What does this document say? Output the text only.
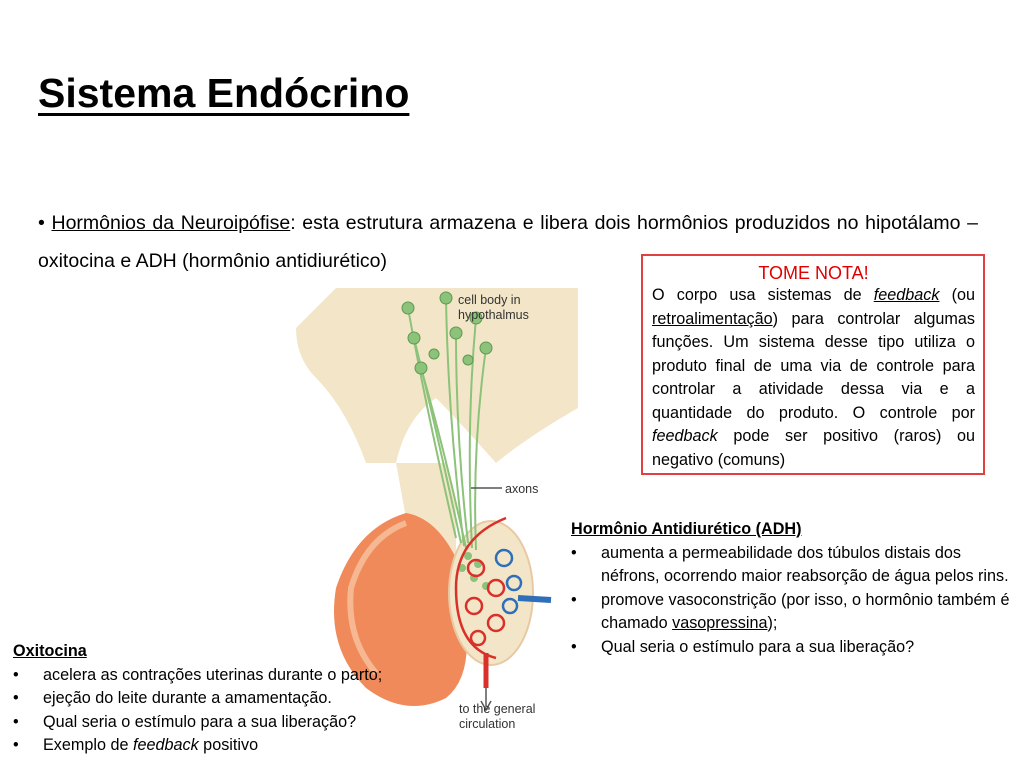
Sistema Endócrino
• Hormônios da Neuroipófise: esta estrutura armazena e libera dois hormônios produzidos no hipotálamo – oxitocina e ADH (hormônio antidiurético)
TOME NOTA!
O corpo usa sistemas de feedback (ou retroalimentação) para controlar algumas funções. Um sistema desse tipo utiliza o produto final de uma via de controle para controlar a atividade dessa via e a quantidade do produto. O controle por feedback pode ser positivo (raros) ou negativo (comuns)
cell body in
hypothalmus
axons
to the general
circulation
Hormônio Antidiurético (ADH)
• aumenta a permeabilidade dos túbulos distais dos néfrons, ocorrendo maior reabsorção de água pelos rins.
• promove vasoconstrição (por isso, o hormônio também é chamado vasopressina);
• Qual seria o estímulo para a sua liberação?
Oxitocina
• acelera as contrações uterinas durante o parto;
• ejeção do leite durante a amamentação.
• Qual seria o estímulo para a sua liberação?
• Exemplo de feedback positivo
